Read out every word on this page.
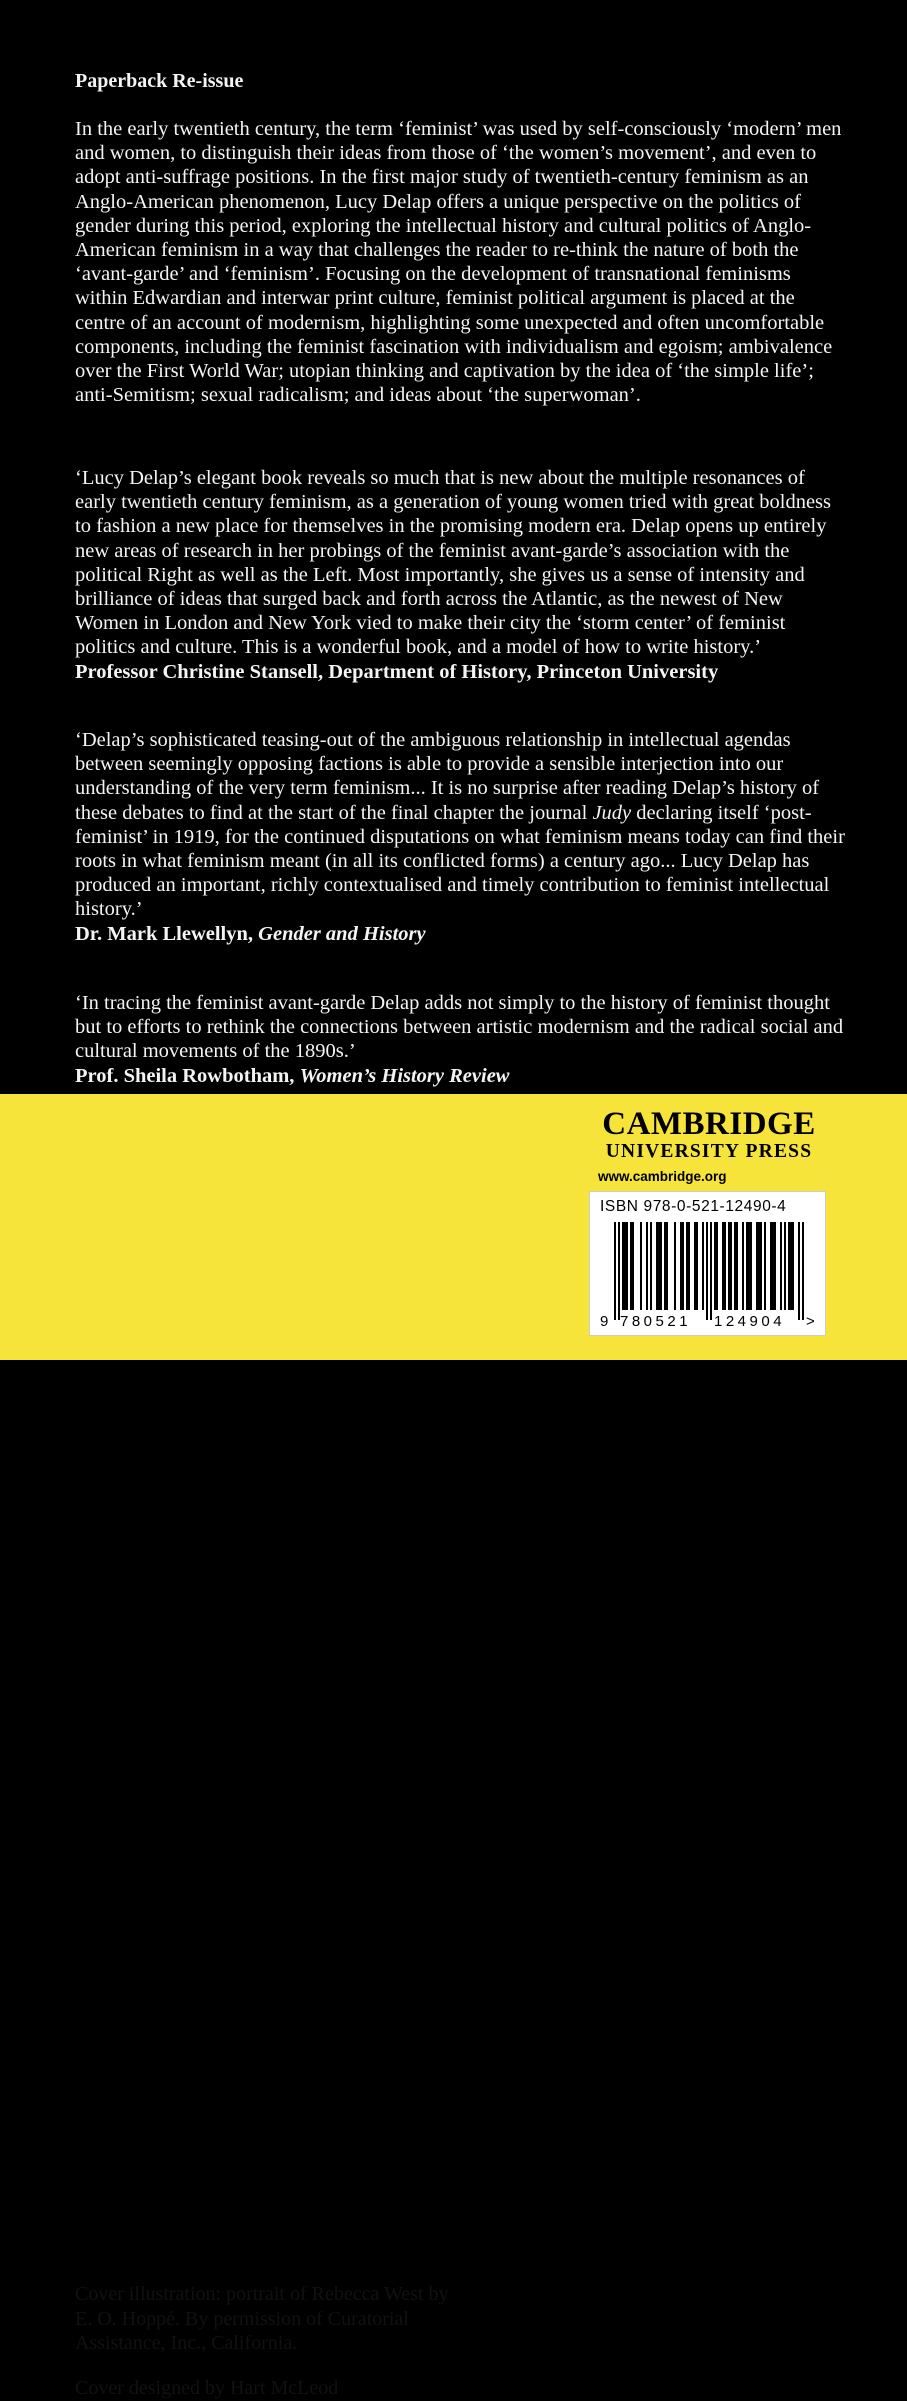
Paperback Re-issue

In the early twentieth century, the term ‘feminist’ was used by self-consciously ‘modern’ men and women, to distinguish their ideas from those of ‘the women’s movement’, and even to adopt anti-suffrage positions. In the first major study of twentieth-century feminism as an Anglo-American phenomenon, Lucy Delap offers a unique perspective on the politics of gender during this period, exploring the intellectual history and cultural politics of Anglo-American feminism in a way that challenges the reader to re-think the nature of both the ‘avant-garde’ and ‘feminism’. Focusing on the development of transnational feminisms within Edwardian and interwar print culture, feminist political argument is placed at the centre of an account of modernism, highlighting some unexpected and often uncomfortable components, including the feminist fascination with individualism and egoism; ambivalence over the First World War; utopian thinking and captivation by the idea of ‘the simple life’; anti-Semitism; sexual radicalism; and ideas about ‘the superwoman’.

‘Lucy Delap’s elegant book reveals so much that is new about the multiple resonances of early twentieth century feminism, as a generation of young women tried with great boldness to fashion a new place for themselves in the promising modern era. Delap opens up entirely new areas of research in her probings of the feminist avant-garde’s association with the political Right as well as the Left. Most importantly, she gives us a sense of intensity and brilliance of ideas that surged back and forth across the Atlantic, as the newest of New Women in London and New York vied to make their city the ‘storm center’ of feminist politics and culture. This is a wonderful book, and a model of how to write history.’

Professor Christine Stansell, Department of History, Princeton University

‘Delap’s sophisticated teasing-out of the ambiguous relationship in intellectual agendas between seemingly opposing factions is able to provide a sensible interjection into our understanding of the very term feminism... It is no surprise after reading Delap’s history of these debates to find at the start of the final chapter the journal Judy declaring itself ‘post-feminist’ in 1919, for the continued disputations on what feminism means today can find their roots in what feminism meant (in all its conflicted forms) a century ago... Lucy Delap has produced an important, richly contextualised and timely contribution to feminist intellectual history.’

Dr. Mark Llewellyn, Gender and History

‘In tracing the feminist avant-garde Delap adds not simply to the history of feminist thought but to efforts to rethink the connections between artistic modernism and the radical social and cultural movements of the 1890s.’

Prof. Sheila Rowbotham, Women’s History Review

Cover illustration: portrait of Rebecca West by E. O. Hoppé. By permission of Curatorial Assistance, Inc., California.
Cover designed by Hart McLeod
CAMBRIDGE
UNIVERSITY PRESS
www.cambridge.org
ISBN 978-0-521-12490-4
9 780521 124904 >
